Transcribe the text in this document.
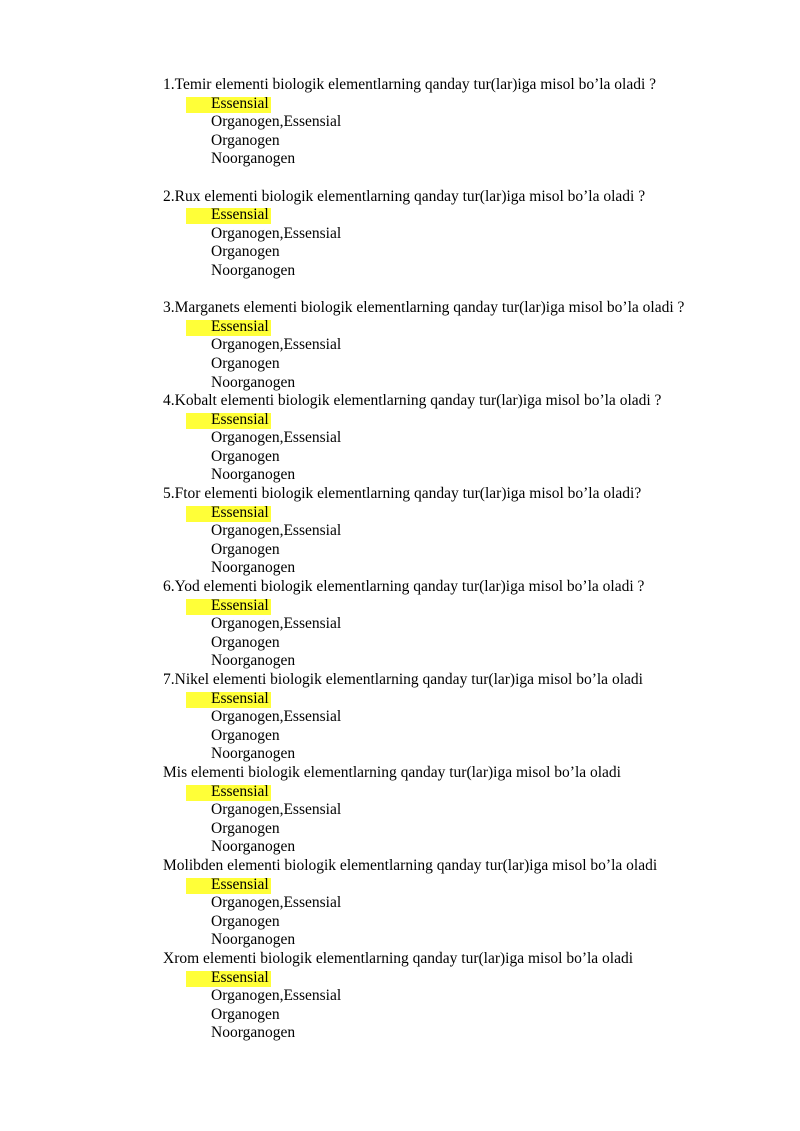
1.Temir elementi biologik elementlarning qanday tur(lar)iga misol bo’la oladi ?
Essensial
Organogen,Essensial
Organogen
Noorganogen
2.Rux elementi biologik elementlarning qanday tur(lar)iga misol bo’la oladi ?
Essensial
Organogen,Essensial
Organogen
Noorganogen
3.Marganets elementi biologik elementlarning qanday tur(lar)iga misol bo’la oladi ?
Essensial
Organogen,Essensial
Organogen
Noorganogen
4.Kobalt elementi biologik elementlarning qanday tur(lar)iga misol bo’la oladi ?
Essensial
Organogen,Essensial
Organogen
Noorganogen
5.Ftor elementi biologik elementlarning qanday tur(lar)iga misol bo’la oladi?
Essensial
Organogen,Essensial
Organogen
Noorganogen
6.Yod elementi biologik elementlarning qanday tur(lar)iga misol bo’la oladi ?
Essensial
Organogen,Essensial
Organogen
Noorganogen
7.Nikel elementi biologik elementlarning qanday tur(lar)iga misol bo’la oladi
Essensial
Organogen,Essensial
Organogen
Noorganogen
Mis elementi biologik elementlarning qanday tur(lar)iga misol bo’la oladi
Essensial
Organogen,Essensial
Organogen
Noorganogen
Molibden elementi biologik elementlarning qanday tur(lar)iga misol bo’la oladi
Essensial
Organogen,Essensial
Organogen
Noorganogen
Xrom elementi biologik elementlarning qanday tur(lar)iga misol bo’la oladi
Essensial
Organogen,Essensial
Organogen
Noorganogen
